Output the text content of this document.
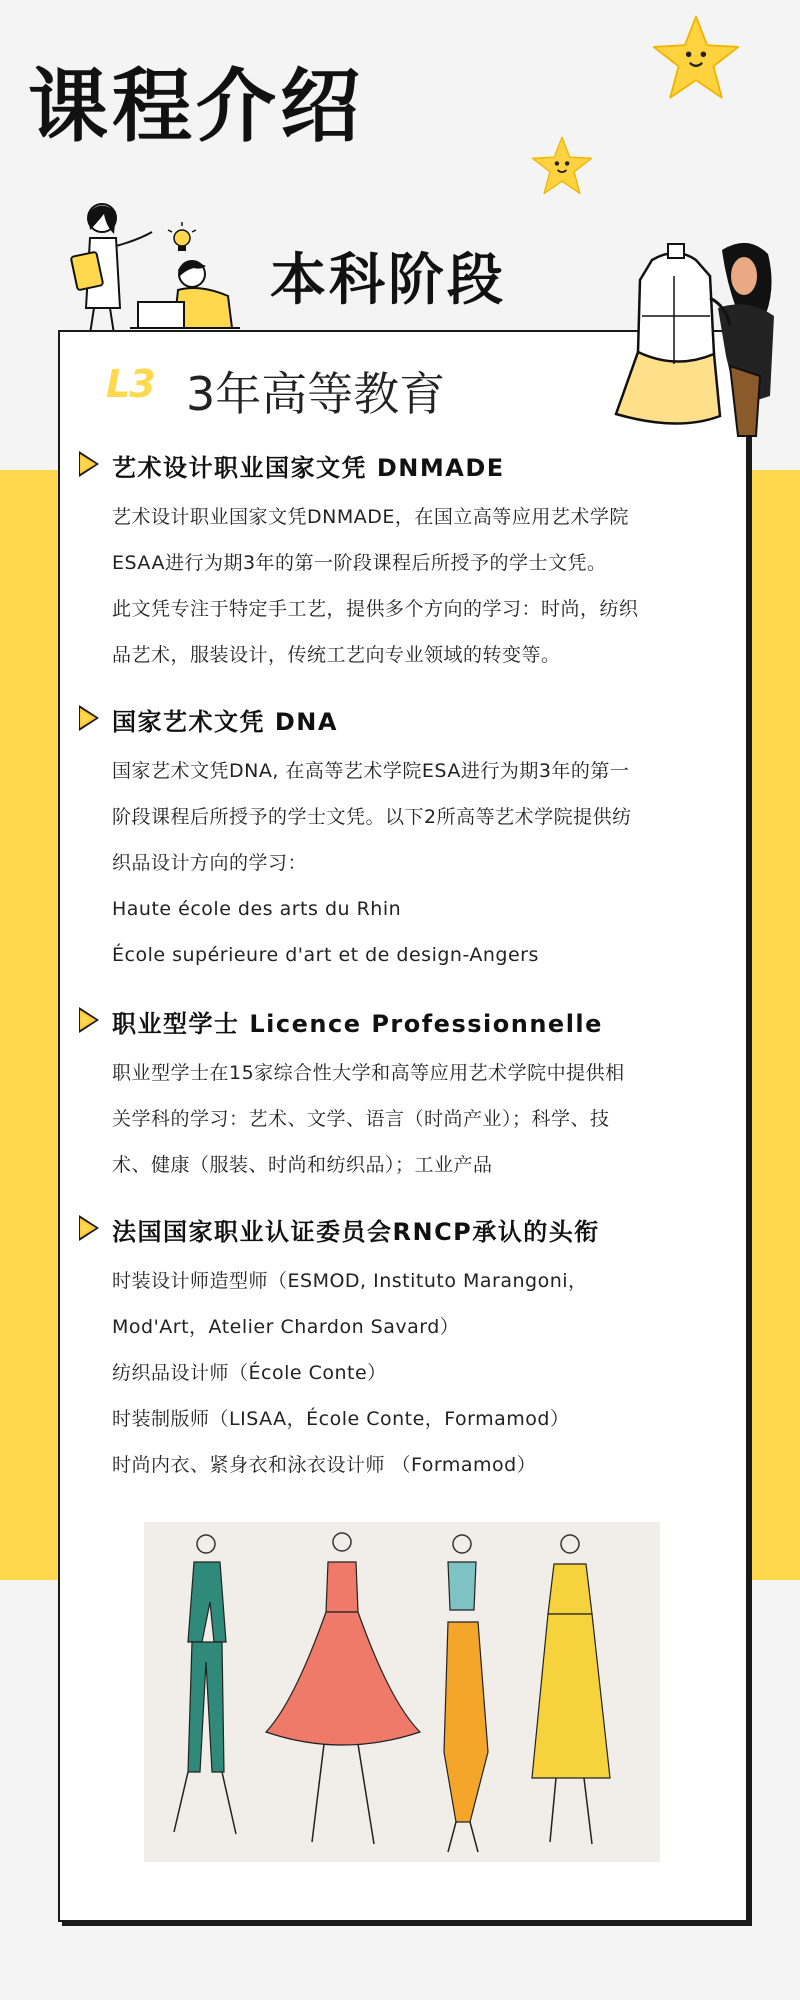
课程介绍
本科阶段
L3 3年高等教育
艺术设计职业国家文凭 DNMADE
艺术设计职业国家文凭DNMADE，在国立高等应用艺术学院
ESAA进行为期3年的第一阶段课程后所授予的学士文凭。
此文凭专注于特定手工艺，提供多个方向的学习：时尚，纺织
品艺术，服装设计，传统工艺向专业领域的转变等。
国家艺术文凭 DNA
国家艺术文凭DNA, 在高等艺术学院ESA进行为期3年的第一
阶段课程后所授予的学士文凭。以下2所高等艺术学院提供纺
织品设计方向的学习：
Haute école des arts du Rhin
École supérieure d'art et de design-Angers
职业型学士 Licence Professionnelle
职业型学士在15家综合性大学和高等应用艺术学院中提供相
关学科的学习：艺术、文学、语言（时尚产业）；科学、技
术、健康（服装、时尚和纺织品）；工业产品
法国国家职业认证委员会RNCP承认的头衔
时装设计师造型师（ESMOD, Instituto Marangoni，
Mod'Art，Atelier Chardon Savard）
纺织品设计师（École Conte）
时装制版师（LISAA，École Conte，Formamod）
时尚内衣、紧身衣和泳衣设计师 （Formamod）
